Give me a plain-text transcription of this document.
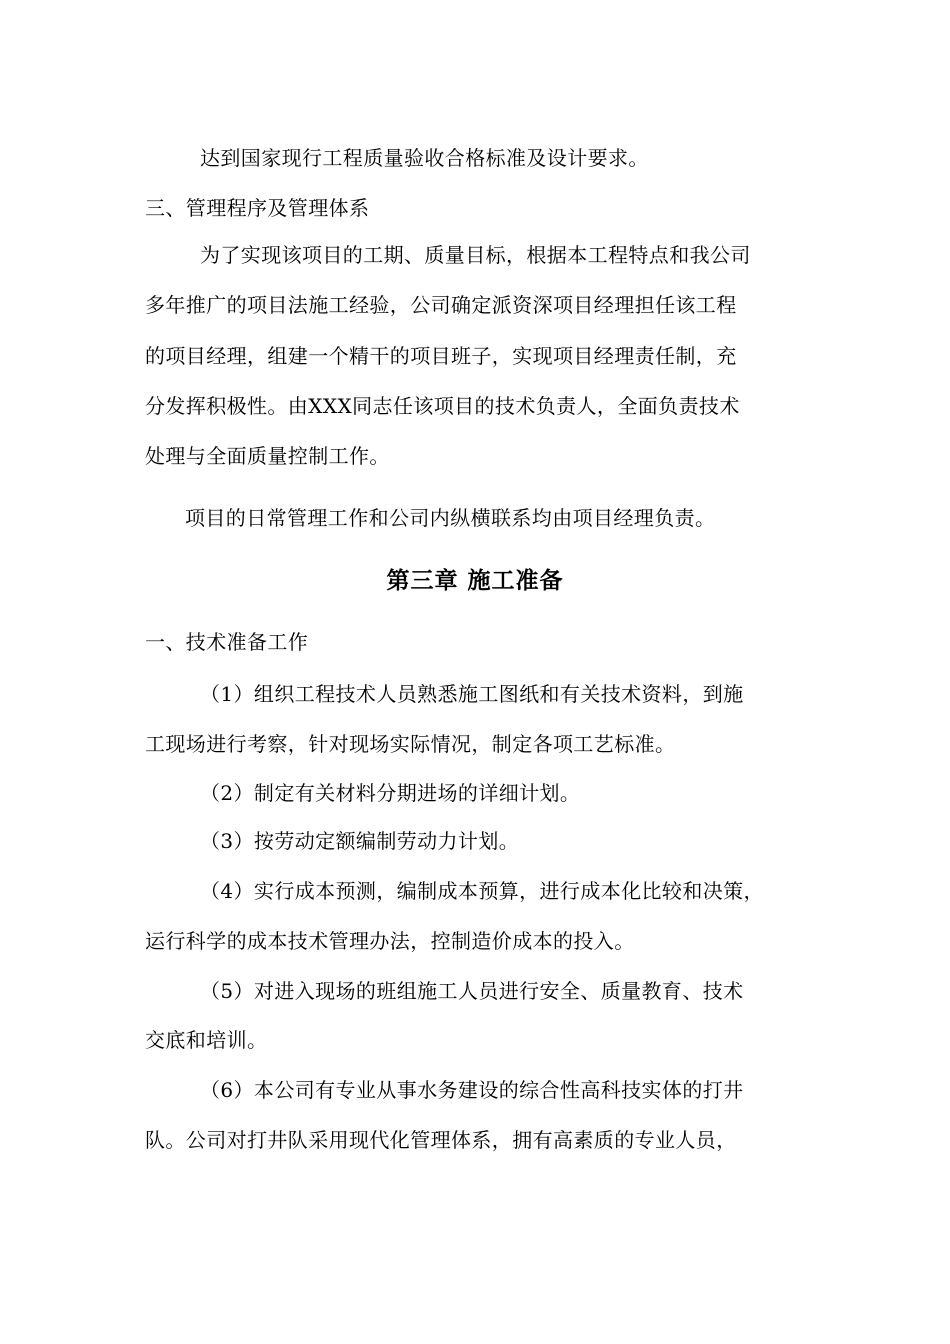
达到国家现行工程质量验收合格标准及设计要求。
三、管理程序及管理体系
为了实现该项目的工期、质量目标，根据本工程特点和我公司
多年推广的项目法施工经验，公司确定派资深项目经理担任该工程
的项目经理，组建一个精干的项目班子，实现项目经理责任制，充
分发挥积极性。由XXX同志任该项目的技术负责人，全面负责技术
处理与全面质量控制工作。
项目的日常管理工作和公司内纵横联系均由项目经理负责。
第三章 施工准备
一、技术准备工作
（1）组织工程技术人员熟悉施工图纸和有关技术资料，到施
工现场进行考察，针对现场实际情况，制定各项工艺标准。
（2）制定有关材料分期进场的详细计划。
（3）按劳动定额编制劳动力计划。
（4）实行成本预测，编制成本预算，进行成本化比较和决策，
运行科学的成本技术管理办法，控制造价成本的投入。
（5）对进入现场的班组施工人员进行安全、质量教育、技术
交底和培训。
（6）本公司有专业从事水务建设的综合性高科技实体的打井
队。公司对打井队采用现代化管理体系，拥有高素质的专业人员，
